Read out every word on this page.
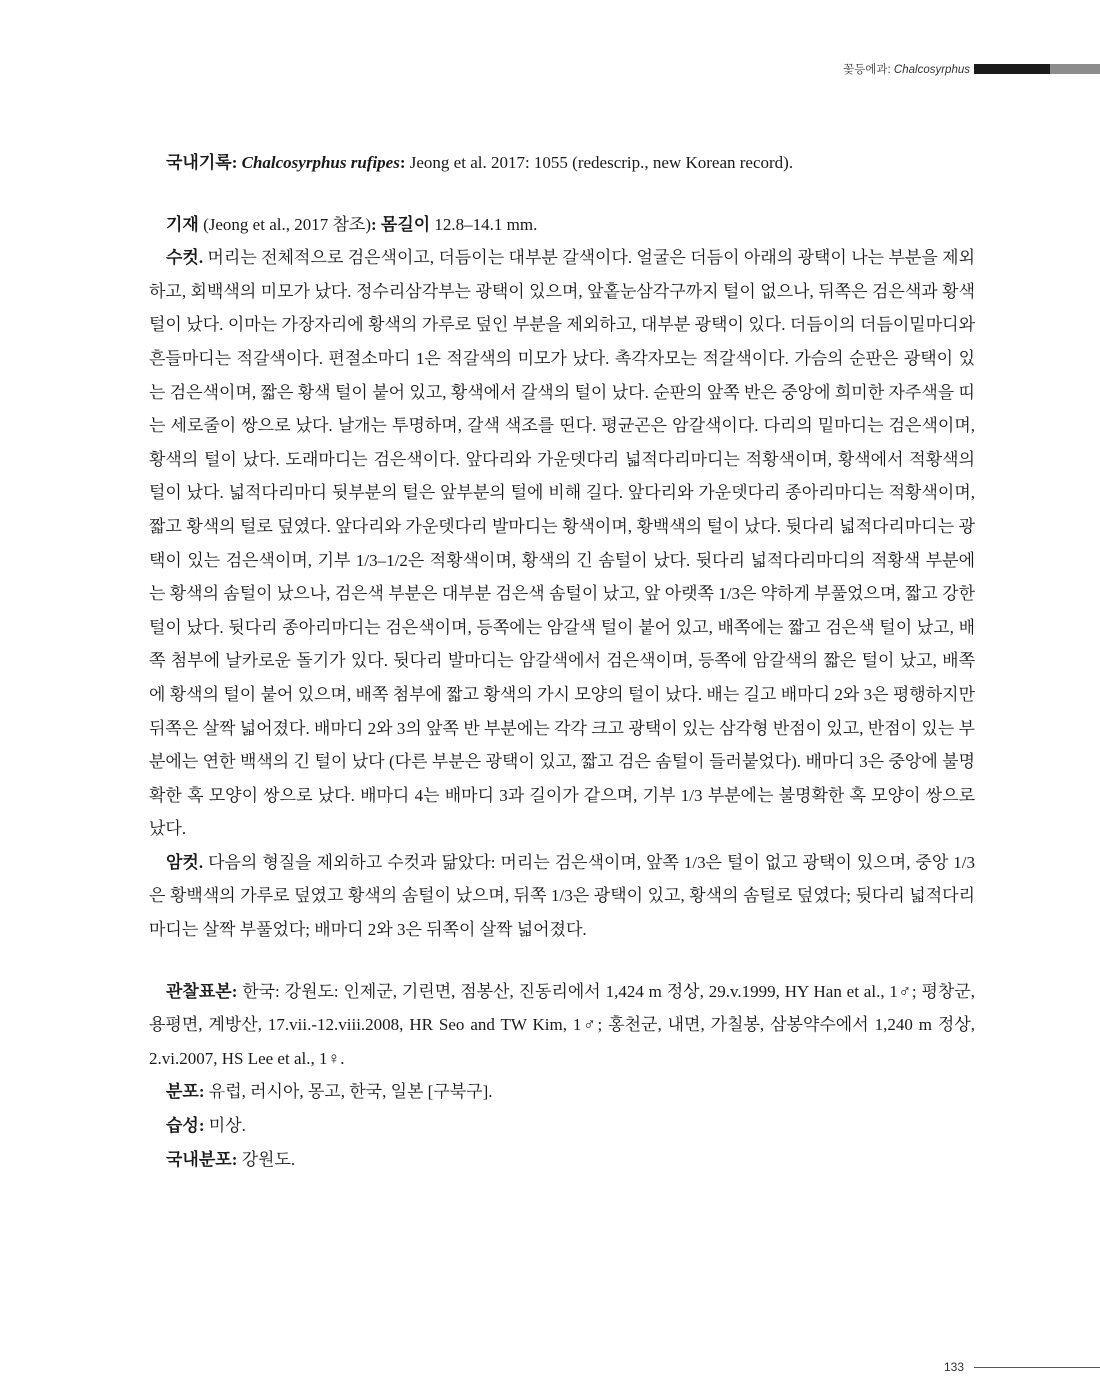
꽃등에과: Chalcosyrphus

국내기록: Chalcosyrphus rufipes: Jeong et al. 2017: 1055 (redescrip., new Korean record).

기재 (Jeong et al., 2017 참조): 몸길이 12.8–14.1 mm.

수컷. 머리는 전체적으로 검은색이고, 더듬이는 대부분 갈색이다. 얼굴은 더듬이 아래의 광택이 나는 부분을 제외하고, 회백색의 미모가 났다. 정수리삼각부는 광택이 있으며, 앞홑눈삼각구까지 털이 없으나, 뒤쪽은 검은색과 황색 털이 났다. 이마는 가장자리에 황색의 가루로 덮인 부분을 제외하고, 대부분 광택이 있다. 더듬이의 더듬이밑마디와 흔들마디는 적갈색이다. 편절소마디 1은 적갈색의 미모가 났다. 촉각자모는 적갈색이다. 가슴의 순판은 광택이 있는 검은색이며, 짧은 황색 털이 붙어 있고, 황색에서 갈색의 털이 났다. 순판의 앞쪽 반은 중앙에 희미한 자주색을 띠는 세로줄이 쌍으로 났다. 날개는 투명하며, 갈색 색조를 띤다. 평균곤은 암갈색이다. 다리의 밑마디는 검은색이며, 황색의 털이 났다. 도래마디는 검은색이다. 앞다리와 가운뎃다리 넓적다리마디는 적황색이며, 황색에서 적황색의 털이 났다. 넓적다리마디 뒷부분의 털은 앞부분의 털에 비해 길다. 앞다리와 가운뎃다리 종아리마디는 적황색이며, 짧고 황색의 털로 덮였다. 앞다리와 가운뎃다리 발마디는 황색이며, 황백색의 털이 났다. 뒷다리 넓적다리마디는 광택이 있는 검은색이며, 기부 1/3–1/2은 적황색이며, 황색의 긴 솜털이 났다. 뒷다리 넓적다리마디의 적황색 부분에는 황색의 솜털이 났으나, 검은색 부분은 대부분 검은색 솜털이 났고, 앞 아랫쪽 1/3은 약하게 부풀었으며, 짧고 강한 털이 났다. 뒷다리 종아리마디는 검은색이며, 등쪽에는 암갈색 털이 붙어 있고, 배쪽에는 짧고 검은색 털이 났고, 배쪽 첨부에 날카로운 돌기가 있다. 뒷다리 발마디는 암갈색에서 검은색이며, 등쪽에 암갈색의 짧은 털이 났고, 배쪽에 황색의 털이 붙어 있으며, 배쪽 첨부에 짧고 황색의 가시 모양의 털이 났다. 배는 길고 배마디 2와 3은 평행하지만 뒤쪽은 살짝 넓어졌다. 배마디 2와 3의 앞쪽 반 부분에는 각각 크고 광택이 있는 삼각형 반점이 있고, 반점이 있는 부분에는 연한 백색의 긴 털이 났다 (다른 부분은 광택이 있고, 짧고 검은 솜털이 들러붙었다). 배마디 3은 중앙에 불명확한 혹 모양이 쌍으로 났다. 배마디 4는 배마디 3과 길이가 같으며, 기부 1/3 부분에는 불명확한 혹 모양이 쌍으로 났다.

암컷. 다음의 형질을 제외하고 수컷과 닮았다: 머리는 검은색이며, 앞쪽 1/3은 털이 없고 광택이 있으며, 중앙 1/3은 황백색의 가루로 덮였고 황색의 솜털이 났으며, 뒤쪽 1/3은 광택이 있고, 황색의 솜털로 덮였다; 뒷다리 넓적다리마디는 살짝 부풀었다; 배마디 2와 3은 뒤쪽이 살짝 넓어졌다.

관찰표본: 한국: 강원도: 인제군, 기린면, 점봉산, 진동리에서 1,424 m 정상, 29.v.1999, HY Han et al., 1♂; 평창군, 용평면, 계방산, 17.vii.-12.viii.2008, HR Seo and TW Kim, 1♂; 홍천군, 내면, 가칠봉, 삼봉약수에서 1,240 m 정상, 2.vi.2007, HS Lee et al., 1♀.

분포: 유럽, 러시아, 몽고, 한국, 일본 [구북구].

습성: 미상.

국내분포: 강원도.

133
